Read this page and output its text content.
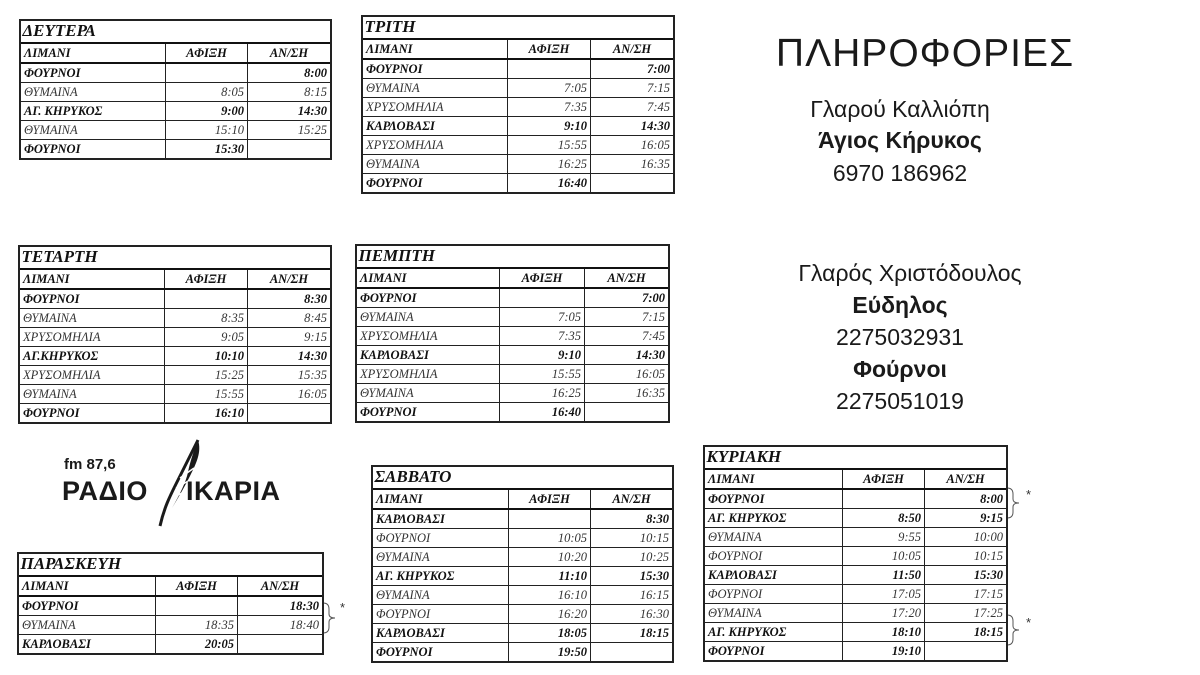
ΔΕΥΤΕΡΑ		
ΛΙΜΑΝΙ	ΑΦΙΞΗ	ΑΝ/ΣΗ
ΦΟΥΡΝΟΙ		8:00
ΘΥΜΑΙΝΑ	8:05	8:15
ΑΓ. ΚΗΡΥΚΟΣ	9:00	14:30
ΘΥΜΑΙΝΑ	15:10	15:25
ΦΟΥΡΝΟΙ	15:30	
ΤΡΙΤΗ		
ΛΙΜΑΝΙ	ΑΦΙΞΗ	ΑΝ/ΣΗ
ΦΟΥΡΝΟΙ		7:00
ΘΥΜΑΙΝΑ	7:05	7:15
ΧΡΥΣΟΜΗΛΙΑ	7:35	7:45
ΚΑΡΛΟΒΑΣΙ	9:10	14:30
ΧΡΥΣΟΜΗΛΙΑ	15:55	16:05
ΘΥΜΑΙΝΑ	16:25	16:35
ΦΟΥΡΝΟΙ	16:40	
ΤΕΤΑΡΤΗ		
ΛΙΜΑΝΙ	ΑΦΙΞΗ	ΑΝ/ΣΗ
ΦΟΥΡΝΟΙ		8:30
ΘΥΜΑΙΝΑ	8:35	8:45
ΧΡΥΣΟΜΗΛΙΑ	9:05	9:15
ΑΓ.ΚΗΡΥΚΟΣ	10:10	14:30
ΧΡΥΣΟΜΗΛΙΑ	15:25	15:35
ΘΥΜΑΙΝΑ	15:55	16:05
ΦΟΥΡΝΟΙ	16:10	
ΠΕΜΠΤΗ		
ΛΙΜΑΝΙ	ΑΦΙΞΗ	ΑΝ/ΣΗ
ΦΟΥΡΝΟΙ		7:00
ΘΥΜΑΙΝΑ	7:05	7:15
ΧΡΥΣΟΜΗΛΙΑ	7:35	7:45
ΚΑΡΛΟΒΑΣΙ	9:10	14:30
ΧΡΥΣΟΜΗΛΙΑ	15:55	16:05
ΘΥΜΑΙΝΑ	16:25	16:35
ΦΟΥΡΝΟΙ	16:40	
ΠΑΡΑΣΚΕΥΗ		
ΛΙΜΑΝΙ	ΑΦΙΞΗ	ΑΝ/ΣΗ
ΦΟΥΡΝΟΙ		18:30
ΘΥΜΑΙΝΑ	18:35	18:40
ΚΑΡΛΟΒΑΣΙ	20:05	
ΣΑΒΒΑΤΟ		
ΛΙΜΑΝΙ	ΑΦΙΞΗ	ΑΝ/ΣΗ
ΚΑΡΛΟΒΑΣΙ		8:30
ΦΟΥΡΝΟΙ	10:05	10:15
ΘΥΜΑΙΝΑ	10:20	10:25
ΑΓ. ΚΗΡΥΚΟΣ	11:10	15:30
ΘΥΜΑΙΝΑ	16:10	16:15
ΦΟΥΡΝΟΙ	16:20	16:30
ΚΑΡΛΟΒΑΣΙ	18:05	18:15
ΦΟΥΡΝΟΙ	19:50	
ΚΥΡΙΑΚΗ		
ΛΙΜΑΝΙ	ΑΦΙΞΗ	ΑΝ/ΣΗ
ΦΟΥΡΝΟΙ		8:00
ΑΓ. ΚΗΡΥΚΟΣ	8:50	9:15
ΘΥΜΑΙΝΑ	9:55	10:00
ΦΟΥΡΝΟΙ	10:05	10:15
ΚΑΡΛΟΒΑΣΙ	11:50	15:30
ΦΟΥΡΝΟΙ	17:05	17:15
ΘΥΜΑΙΝΑ	17:20	17:25
ΑΓ. ΚΗΡΥΚΟΣ	18:10	18:15
ΦΟΥΡΝΟΙ	19:10	
*
*
*
ΠΛΗΡΟΦΟΡΙΕΣ
Γλαρού Καλλιόπη
Άγιος Κήρυκος
6970 186962
Γλαρός Χριστόδουλος
Εύδηλος
2275032931
Φούρνοι
2275051019
fm 87,6
ΡΑΔΙΟ ΙΚΑΡΙΑ
